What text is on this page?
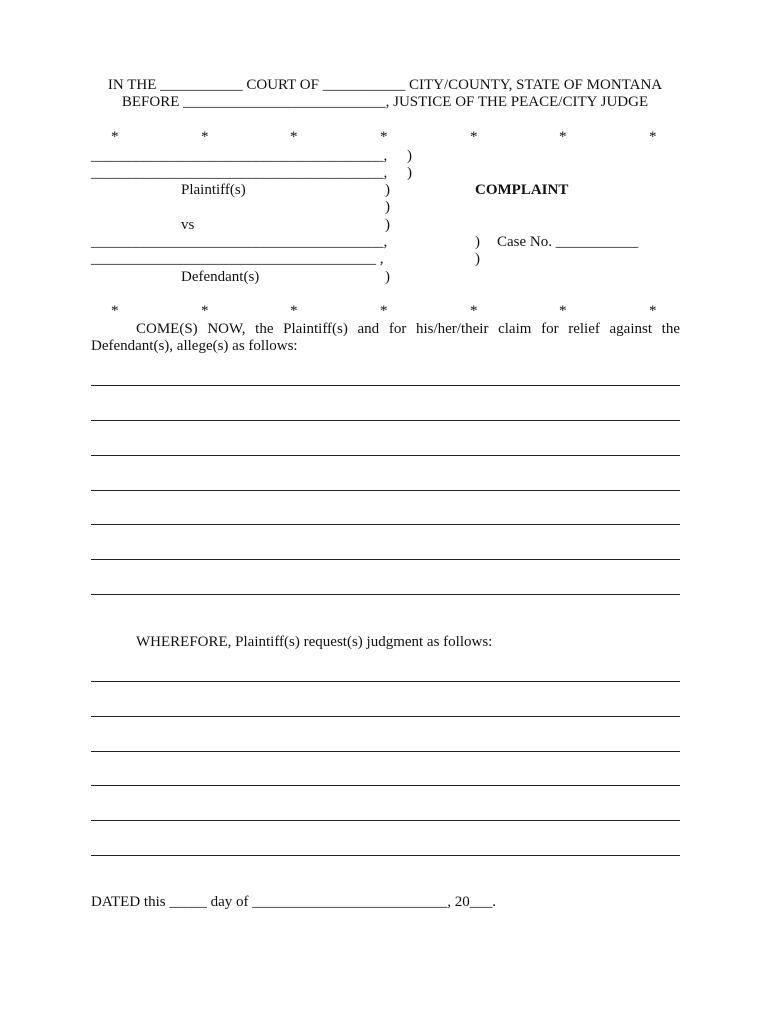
IN THE ___________ COURT OF ___________ CITY/COUNTY, STATE OF MONTANA
BEFORE ___________________________, JUSTICE OF THE PEACE/CITY JUDGE
*	*	*	*	*	*	*
_______________________________________,
_______________________________________,
Plaintiff(s)
vs
_______________________________________,
______________________________________ ,
Defendant(s)
)
)
)
)
)
)
)
)
COMPLAINT
Case No. ___________
*	*	*	*	*	*	*
COME(S) NOW, the Plaintiff(s) and for his/her/their claim for relief against the
Defendant(s), allege(s) as follows:
WHEREFORE, Plaintiff(s) request(s) judgment as follows:
DATED this _____ day of __________________________, 20___.
